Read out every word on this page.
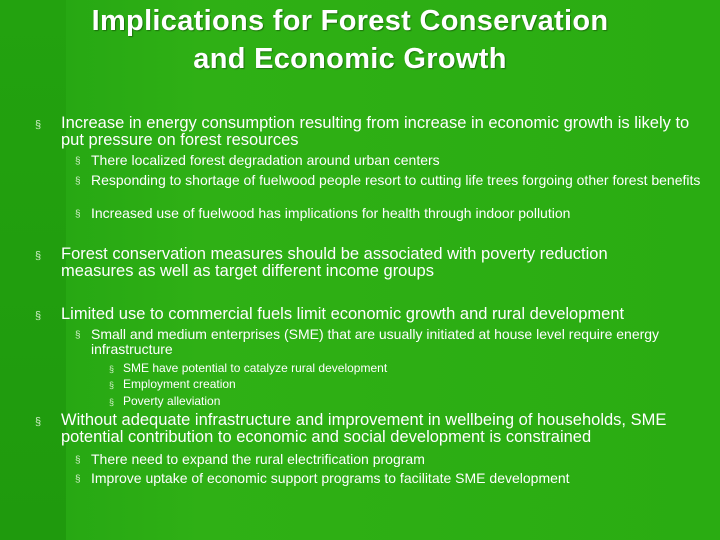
Implications for Forest Conservation
and Economic Growth
§ Increase in energy consumption resulting from increase in economic growth is likely to put pressure on forest resources
§ There localized forest degradation around urban centers
§ Responding to shortage of fuelwood people resort to cutting life trees forgoing other forest benefits
§ Increased use of fuelwood has implications for health through indoor pollution
§ Forest conservation measures should be associated with poverty reduction measures as well as target different income groups
§ Limited use to commercial fuels limit economic growth and rural development
§ Small and medium enterprises (SME) that are usually initiated at house level require energy infrastructure
§ SME have potential to catalyze rural development
§ Employment creation
§ Poverty alleviation
§ Without adequate infrastructure and improvement in wellbeing of households, SME potential contribution to economic and social development is constrained
§ There need to expand the rural electrification program
§ Improve uptake of economic support programs to facilitate SME development
